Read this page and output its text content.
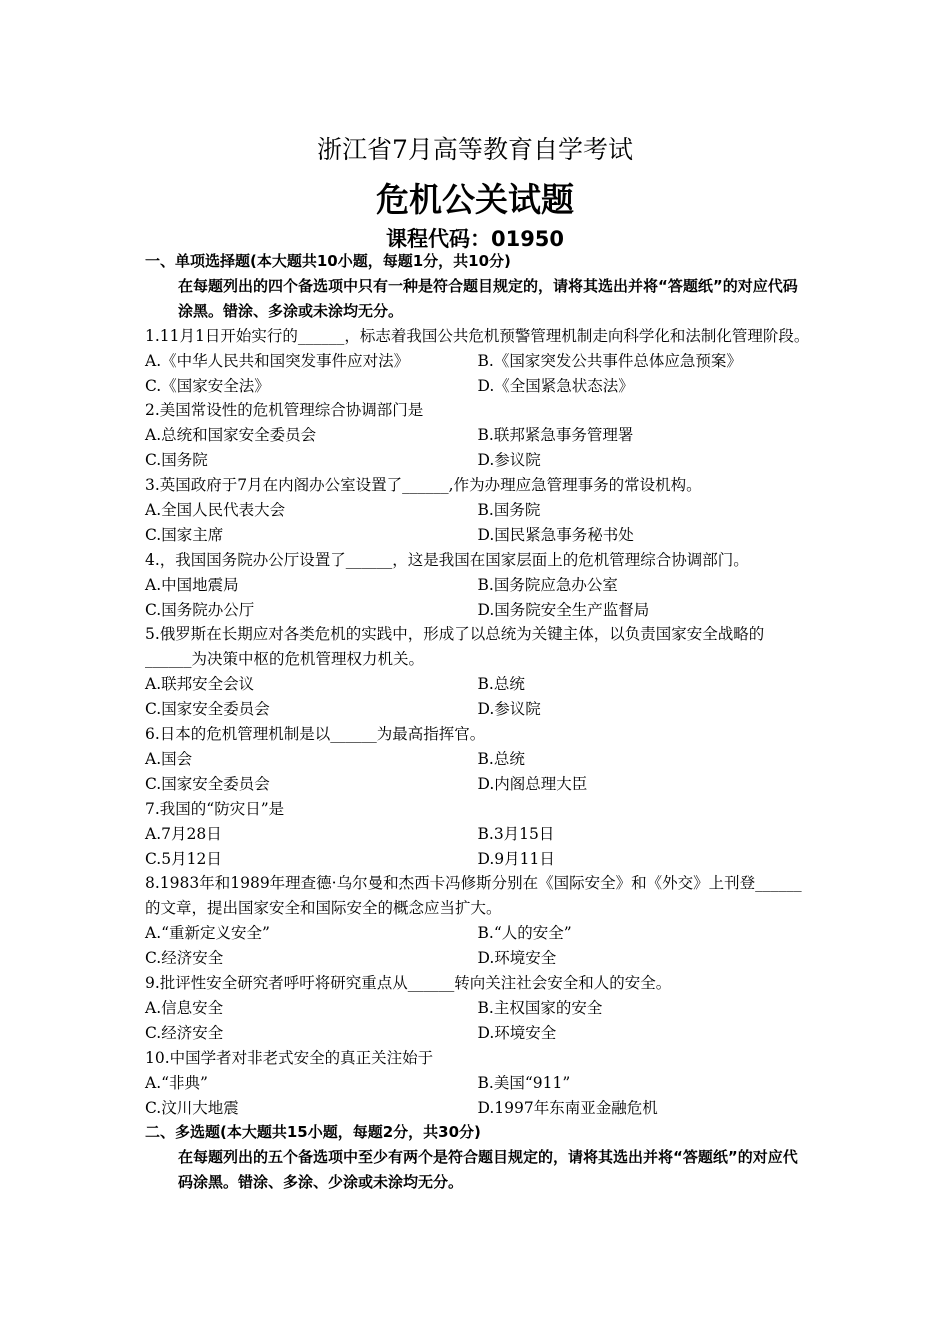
浙江省7月高等教育自学考试
危机公关试题
课程代码：01950
一、单项选择题(本大题共10小题，每题1分，共10分)
在每题列出的四个备选项中只有一种是符合题目规定的，请将其选出并将“答题纸”的对应代码涂黑。错涂、多涂或未涂均无分。
1.11月1日开始实行的______，标志着我国公共危机预警管理机制走向科学化和法制化管理阶段。
A.《中华人民共和国突发事件应对法》	B.《国家突发公共事件总体应急预案》
C.《国家安全法》	D.《全国紧急状态法》
2.美国常设性的危机管理综合协调部门是
A.总统和国家安全委员会	B.联邦紧急事务管理署
C.国务院	D.参议院
3.英国政府于7月在内阁办公室设置了______,作为办理应急管理事务的常设机构。
A.全国人民代表大会	B.国务院
C.国家主席	D.国民紧急事务秘书处
4.，我国国务院办公厅设置了______，这是我国在国家层面上的危机管理综合协调部门。
A.中国地震局	B.国务院应急办公室
C.国务院办公厅	D.国务院安全生产监督局
5.俄罗斯在长期应对各类危机的实践中，形成了以总统为关键主体，以负责国家安全战略的______为决策中枢的危机管理权力机关。
A.联邦安全会议	B.总统
C.国家安全委员会	D.参议院
6.日本的危机管理机制是以______为最高指挥官。
A.国会	B.总统
C.国家安全委员会	D.内阁总理大臣
7.我国的“防灾日”是
A.7月28日	B.3月15日
C.5月12日	D.9月11日
8.1983年和1989年理查德·乌尔曼和杰西卡冯修斯分别在《国际安全》和《外交》上刊登______的文章，提出国家安全和国际安全的概念应当扩大。
A.“重新定义安全”	B.“人的安全”
C.经济安全	D.环境安全
9.批评性安全研究者呼吁将研究重点从______转向关注社会安全和人的安全。
A.信息安全	B.主权国家的安全
C.经济安全	D.环境安全
10.中国学者对非老式安全的真正关注始于
A.“非典”	B.美国“911”
C.汶川大地震	D.1997年东南亚金融危机
二、多选题(本大题共15小题，每题2分，共30分)
在每题列出的五个备选项中至少有两个是符合题目规定的，请将其选出并将“答题纸”的对应代码涂黑。错涂、多涂、少涂或未涂均无分。
